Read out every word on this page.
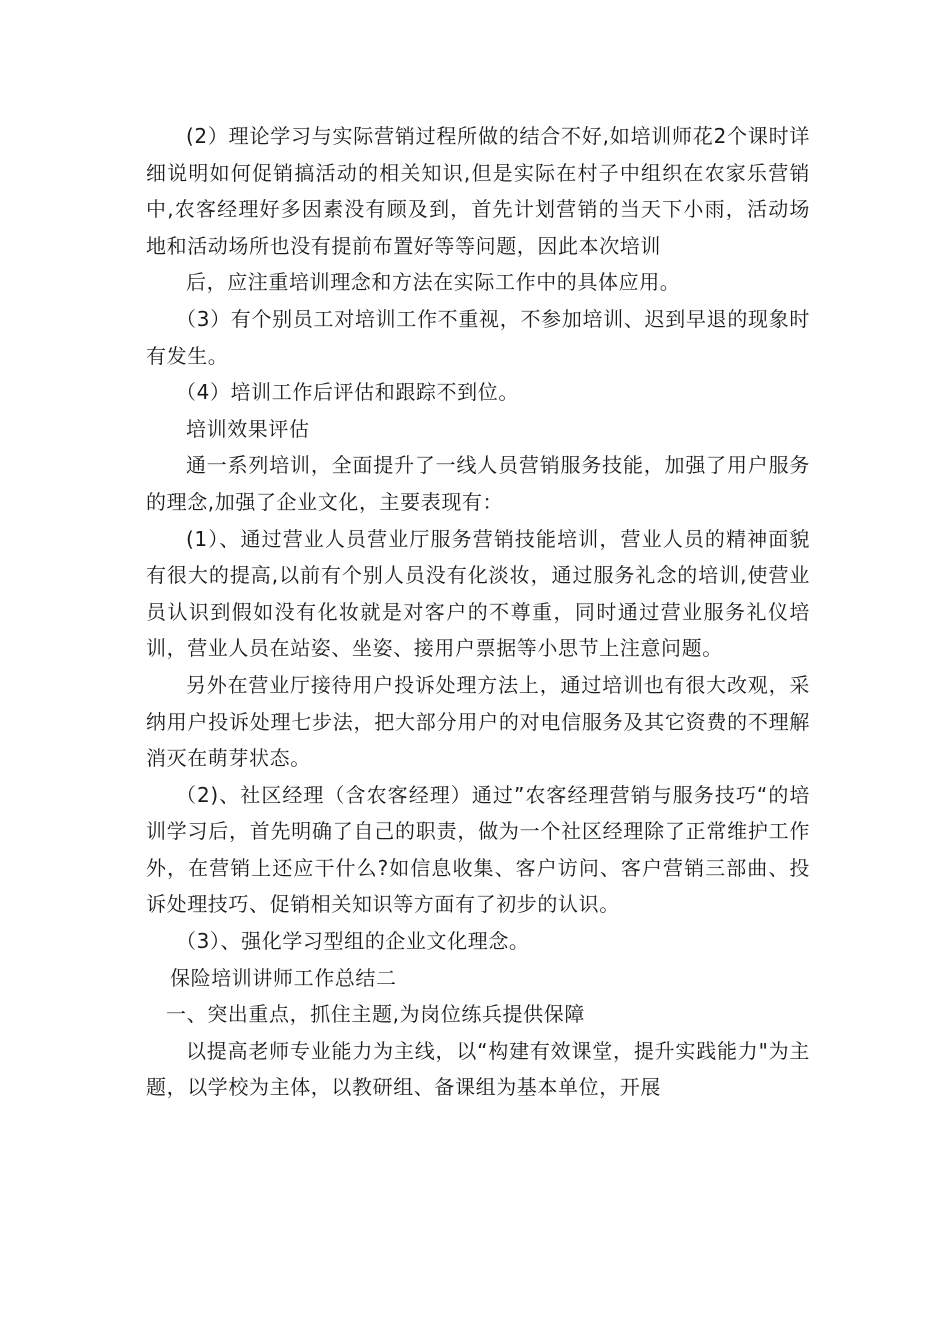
(2）理论学习与实际营销过程所做的结合不好,如培训师花2个课时详细说明如何促销搞活动的相关知识,但是实际在村子中组织在农家乐营销中,农客经理好多因素没有顾及到，首先计划营销的当天下小雨，活动场地和活动场所也没有提前布置好等等问题，因此本次培训

后，应注重培训理念和方法在实际工作中的具体应用。

（3）有个别员工对培训工作不重视，不参加培训、迟到早退的现象时有发生。

（4）培训工作后评估和跟踪不到位。

培训效果评估

通一系列培训，全面提升了一线人员营销服务技能，加强了用户服务的理念,加强了企业文化，主要表现有：

(1）、通过营业人员营业厅服务营销技能培训，营业人员的精神面貌有很大的提高,以前有个别人员没有化淡妆，通过服务礼念的培训,使营业员认识到假如没有化妆就是对客户的不尊重，同时通过营业服务礼仪培训，营业人员在站姿、坐姿、接用户票据等小思节上注意问题。

另外在营业厅接待用户投诉处理方法上，通过培训也有很大改观，采纳用户投诉处理七步法，把大部分用户的对电信服务及其它资费的不理解消灭在萌芽状态。

（2)、社区经理（含农客经理）通过”农客经理营销与服务技巧“的培训学习后，首先明确了自己的职责，做为一个社区经理除了正常维护工作外，在营销上还应干什么?如信息收集、客户访问、客户营销三部曲、投诉处理技巧、促销相关知识等方面有了初步的认识。

（3）、强化学习型组的企业文化理念。

保险培训讲师工作总结二

一、突出重点，抓住主题,为岗位练兵提供保障

以提高老师专业能力为主线，以“构建有效课堂，提升实践能力"为主题，以学校为主体，以教研组、备课组为基本单位，开展
